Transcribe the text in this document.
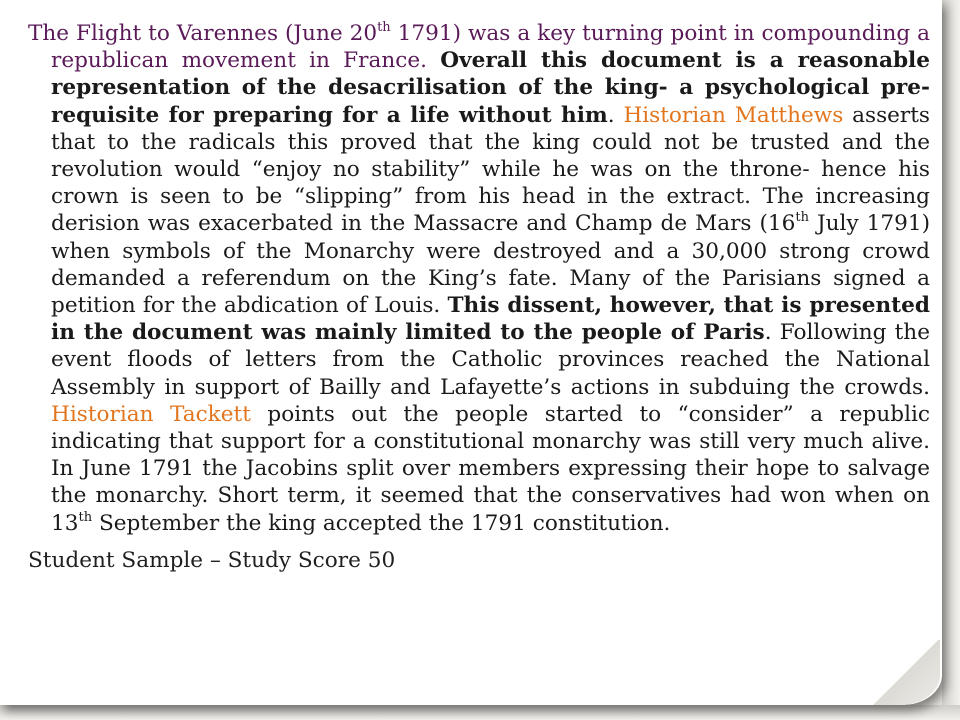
The Flight to Varennes (June 20th 1791) was a key turning point in compounding a republican movement in France. Overall this document is a reasonable representation of the desacrilisation of the king- a psychological pre-requisite for preparing for a life without him. Historian Matthews asserts that to the radicals this proved that the king could not be trusted and the revolution would “enjoy no stability” while he was on the throne- hence his crown is seen to be “slipping” from his head in the extract. The increasing derision was exacerbated in the Massacre and Champ de Mars (16th July 1791) when symbols of the Monarchy were destroyed and a 30,000 strong crowd demanded a referendum on the King’s fate. Many of the Parisians signed a petition for the abdication of Louis. This dissent, however, that is presented in the document was mainly limited to the people of Paris. Following the event floods of letters from the Catholic provinces reached the National Assembly in support of Bailly and Lafayette’s actions in subduing the crowds. Historian Tackett points out the people started to “consider” a republic indicating that support for a constitutional monarchy was still very much alive. In June 1791 the Jacobins split over members expressing their hope to salvage the monarchy. Short term, it seemed that the conservatives had won when on 13th September the king accepted the 1791 constitution.

Student Sample – Study Score 50
